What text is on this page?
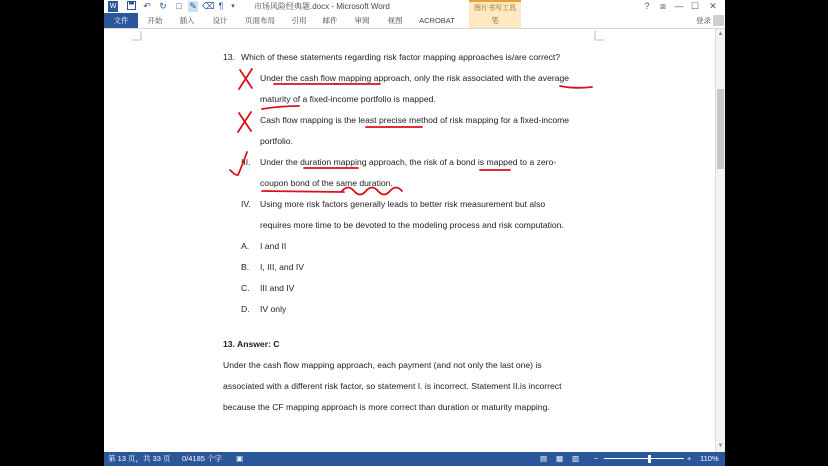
W	↶ ↻ □ ✎ ⌫ ¶	▾	市场风险经典题.docx - Microsoft Word	图片书写工具	?	⧈ — ☐	✕
文件	开始	插入	设计	页面布局	引用	邮件	审阅	视图	ACROBAT	笔	登录
13. Which of these statements regarding risk factor mapping approaches is/are correct?
Under the cash flow mapping approach, only the risk associated with the average
maturity of a fixed-income portfolio is mapped.
Cash flow mapping is the least precise method of risk mapping for a fixed-income
portfolio.
III. Under the duration mapping approach, the risk of a bond is mapped to a zero-
coupon bond of the same duration.
IV. Using more risk factors generally leads to better risk measurement but also
requires more time to be devoted to the modeling process and risk computation.
A. I and II
B. I, III, and IV
C. III and IV
D. IV only
13. Answer: C
Under the cash flow mapping approach, each payment (and not only the last one) is
associated with a different risk factor, so statement I. is incorrect. Statement II.is incorrect
because the CF mapping approach is more correct than duration or maturity mapping.
▲
▼
第 13 页，共 33 页 0/4185 个字 ▣	▤ ▦ ▥ −	+ 110%
